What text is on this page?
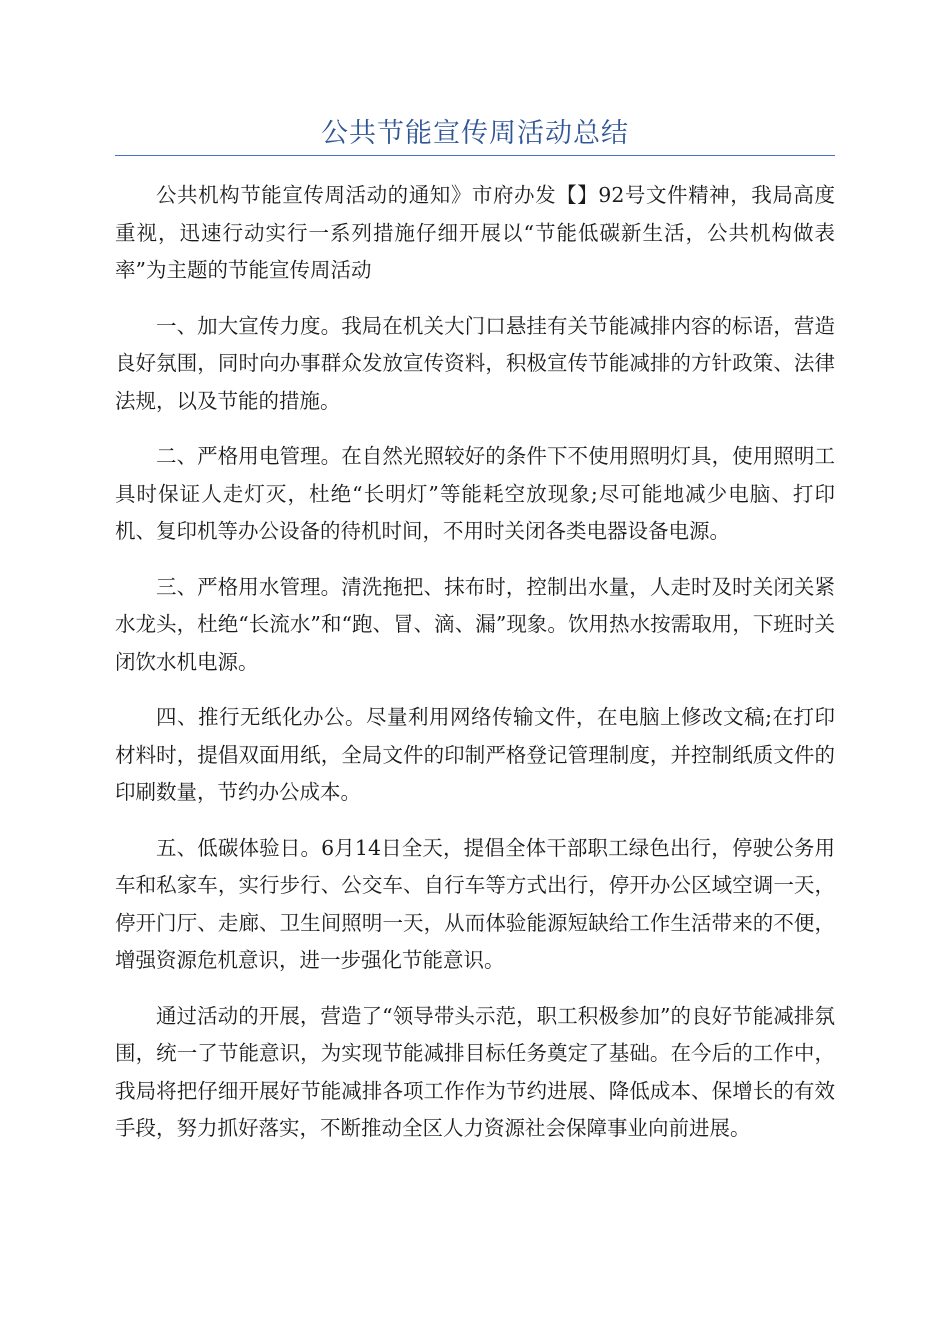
公共节能宣传周活动总结

公共机构节能宣传周活动的通知》市府办发【】92号文件精神，我局高度重视，迅速行动实行一系列措施仔细开展以“节能低碳新生活，公共机构做表率”为主题的节能宣传周活动

一、加大宣传力度。我局在机关大门口悬挂有关节能减排内容的标语，营造良好氛围，同时向办事群众发放宣传资料，积极宣传节能减排的方针政策、法律法规，以及节能的措施。

二、严格用电管理。在自然光照较好的条件下不使用照明灯具，使用照明工具时保证人走灯灭，杜绝“长明灯”等能耗空放现象;尽可能地减少电脑、打印机、复印机等办公设备的待机时间，不用时关闭各类电器设备电源。

三、严格用水管理。清洗拖把、抹布时，控制出水量，人走时及时关闭关紧水龙头，杜绝“长流水”和“跑、冒、滴、漏”现象。饮用热水按需取用，下班时关闭饮水机电源。

四、推行无纸化办公。尽量利用网络传输文件，在电脑上修改文稿;在打印材料时，提倡双面用纸，全局文件的印制严格登记管理制度，并控制纸质文件的印刷数量，节约办公成本。

五、低碳体验日。6月14日全天，提倡全体干部职工绿色出行，停驶公务用车和私家车，实行步行、公交车、自行车等方式出行，停开办公区域空调一天，停开门厅、走廊、卫生间照明一天，从而体验能源短缺给工作生活带来的不便，增强资源危机意识，进一步强化节能意识。

通过活动的开展，营造了“领导带头示范，职工积极参加”的良好节能减排氛围，统一了节能意识，为实现节能减排目标任务奠定了基础。在今后的工作中，我局将把仔细开展好节能减排各项工作作为节约进展、降低成本、保增长的有效手段，努力抓好落实，不断推动全区人力资源社会保障事业向前进展。
